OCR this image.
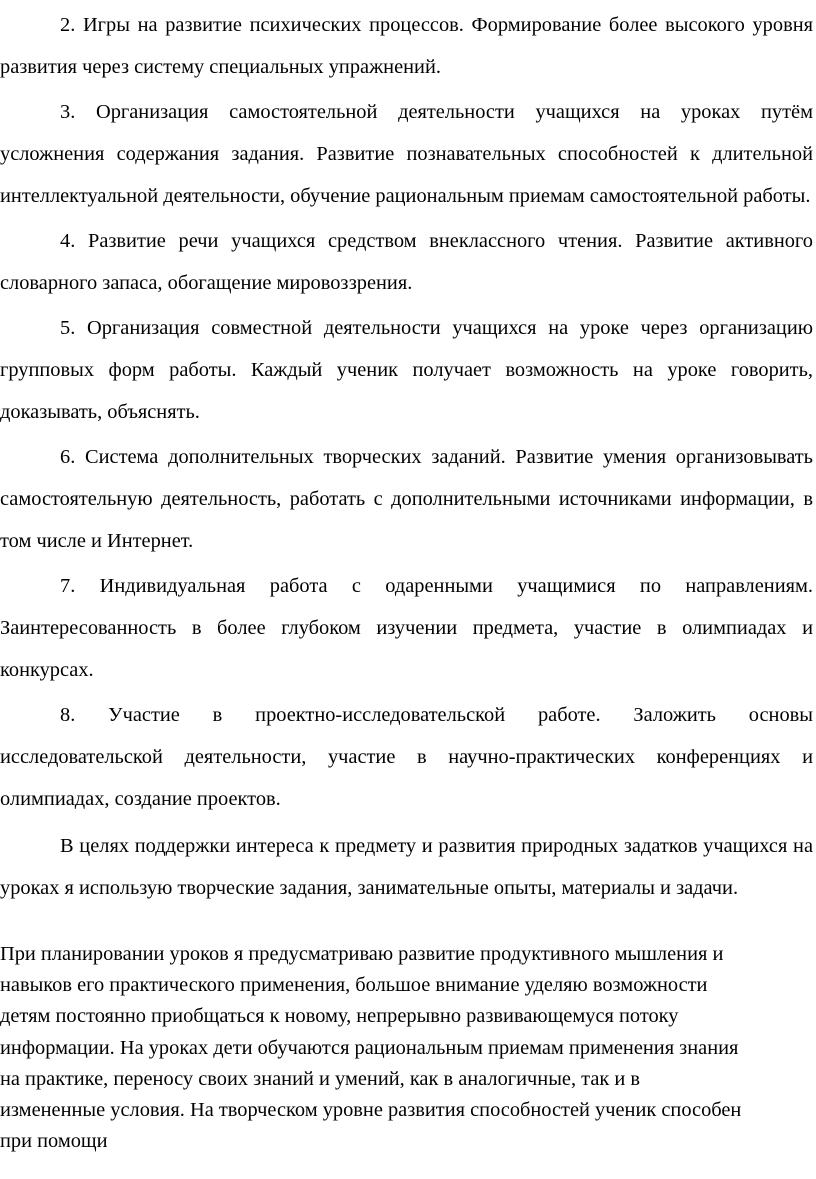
2. Игры на развитие психических процессов. Формирование более высокого уровня развития через систему специальных упражнений.

3. Организация самостоятельной деятельности учащихся на уроках путём усложнения содержания задания. Развитие познавательных способностей к длительной интеллектуальной деятельности, обучение рациональным приемам самостоятельной работы.

4. Развитие речи учащихся средством внеклассного чтения. Развитие активного словарного запаса, обогащение мировоззрения.

5. Организация совместной деятельности учащихся на уроке через организацию групповых форм работы. Каждый ученик получает возможность на уроке говорить, доказывать, объяснять.

6. Система дополнительных творческих заданий. Развитие умения организовывать самостоятельную деятельность, работать с дополнительными источниками информации, в том числе и Интернет.

7. Индивидуальная работа с одаренными учащимися по направлениям. Заинтересованность в более глубоком изучении предмета, участие в олимпиадах и конкурсах.

8. Участие в проектно-исследовательской работе. Заложить основы исследовательской деятельности, участие в научно-практических конференциях и олимпиадах, создание проектов.

В целях поддержки интереса к предмету и развития природных задатков учащихся на уроках я использую творческие задания, занимательные опыты, материалы и задачи.

При планировании уроков я предусматриваю развитие продуктивного мышления и навыков его практического применения, большое внимание уделяю возможности детям постоянно приобщаться к новому, непрерывно развивающемуся потоку информации. На уроках дети обучаются рациональным приемам применения знания на практике, переносу своих знаний и умений, как в аналогичные, так и в измененные условия. На творческом уровне развития способностей ученик способен при помощи
